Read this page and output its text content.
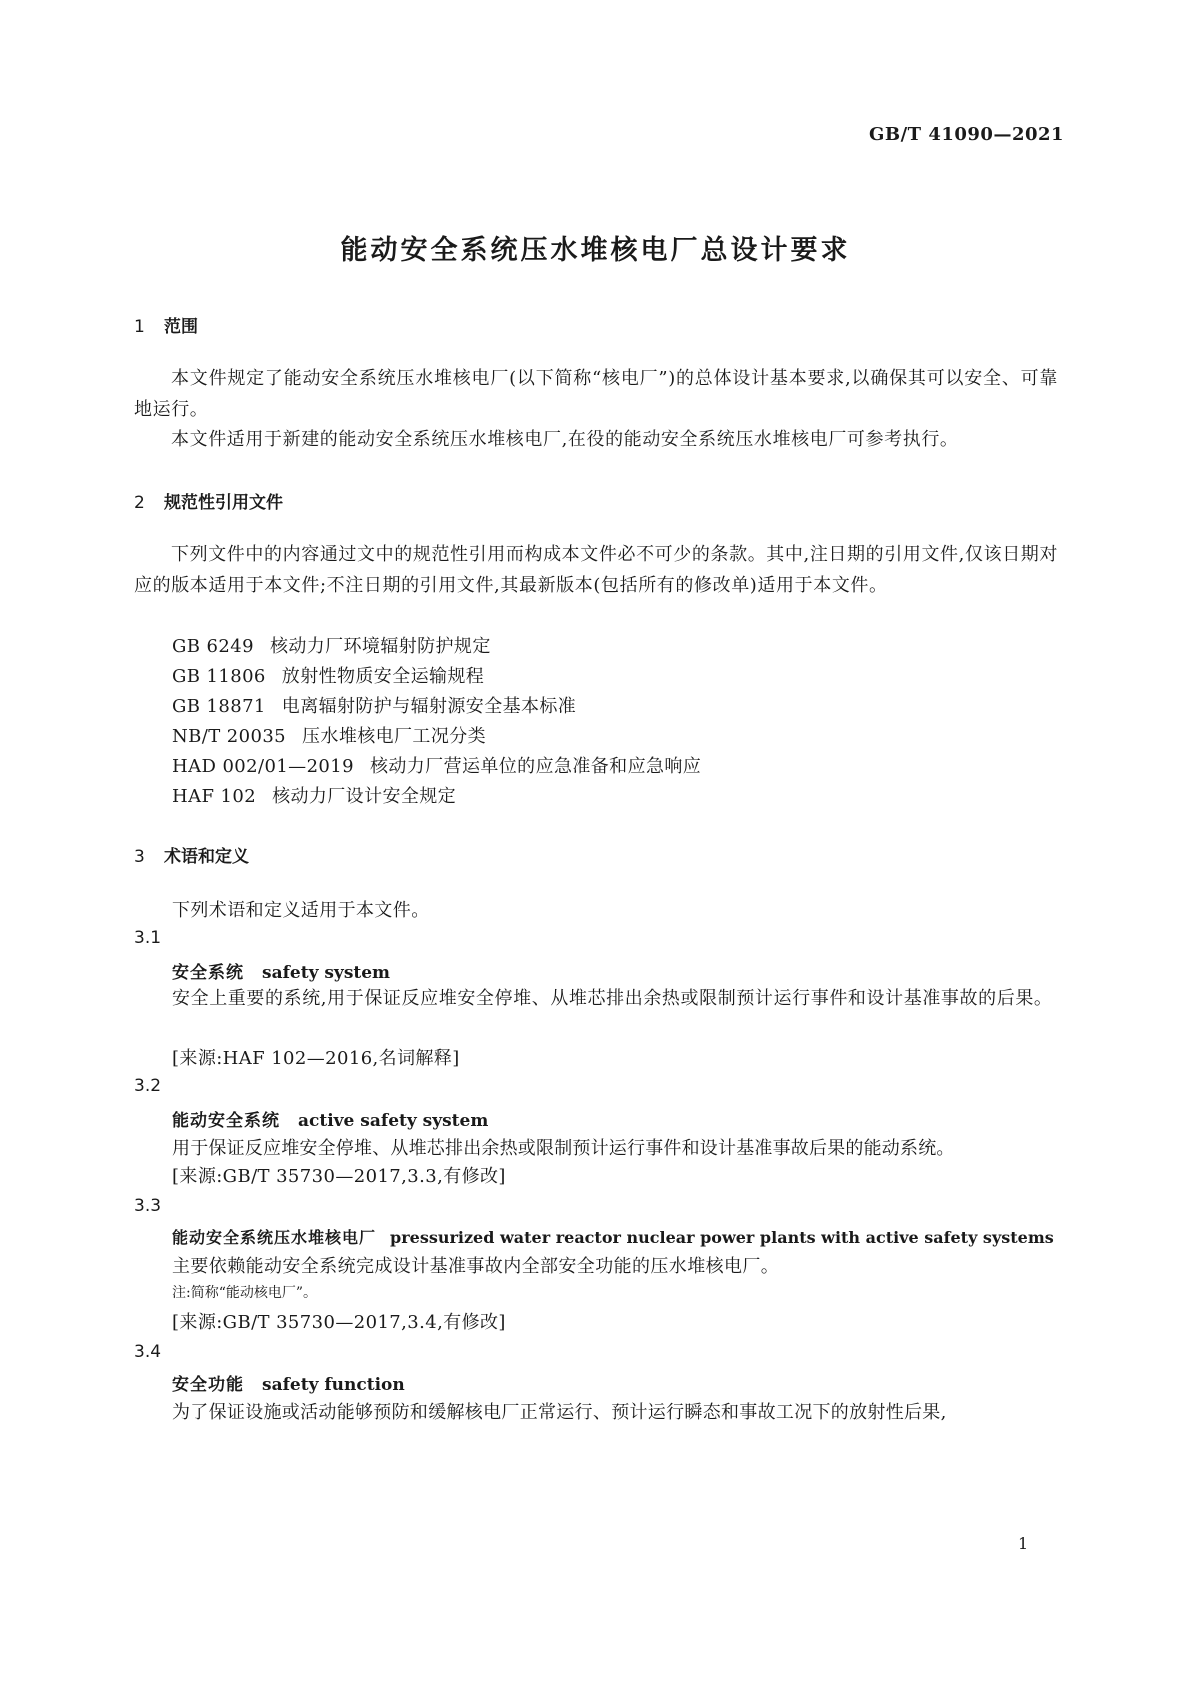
GB/T 41090—2021
能动安全系统压水堆核电厂总设计要求
1 范围
本文件规定了能动安全系统压水堆核电厂(以下简称“核电厂”)的总体设计基本要求,以确保其可以安全、可靠地运行。
本文件适用于新建的能动安全系统压水堆核电厂,在役的能动安全系统压水堆核电厂可参考执行。
2 规范性引用文件
下列文件中的内容通过文中的规范性引用而构成本文件必不可少的条款。其中,注日期的引用文件,仅该日期对应的版本适用于本文件;不注日期的引用文件,其最新版本(包括所有的修改单)适用于本文件。
GB 6249 核动力厂环境辐射防护规定
GB 11806 放射性物质安全运输规程
GB 18871 电离辐射防护与辐射源安全基本标准
NB/T 20035 压水堆核电厂工况分类
HAD 002/01—2019 核动力厂营运单位的应急准备和应急响应
HAF 102 核动力厂设计安全规定
3 术语和定义
下列术语和定义适用于本文件。
3.1
安全系统 safety system
安全上重要的系统,用于保证反应堆安全停堆、从堆芯排出余热或限制预计运行事件和设计基准事故的后果。
[来源:HAF 102—2016,名词解释]
3.2
能动安全系统 active safety system
用于保证反应堆安全停堆、从堆芯排出余热或限制预计运行事件和设计基准事故后果的能动系统。
[来源:GB/T 35730—2017,3.3,有修改]
3.3
能动安全系统压水堆核电厂 pressurized water reactor nuclear power plants with active safety systems
主要依赖能动安全系统完成设计基准事故内全部安全功能的压水堆核电厂。
注:简称“能动核电厂”。
[来源:GB/T 35730—2017,3.4,有修改]
3.4
安全功能 safety function
为了保证设施或活动能够预防和缓解核电厂正常运行、预计运行瞬态和事故工况下的放射性后果,
1
